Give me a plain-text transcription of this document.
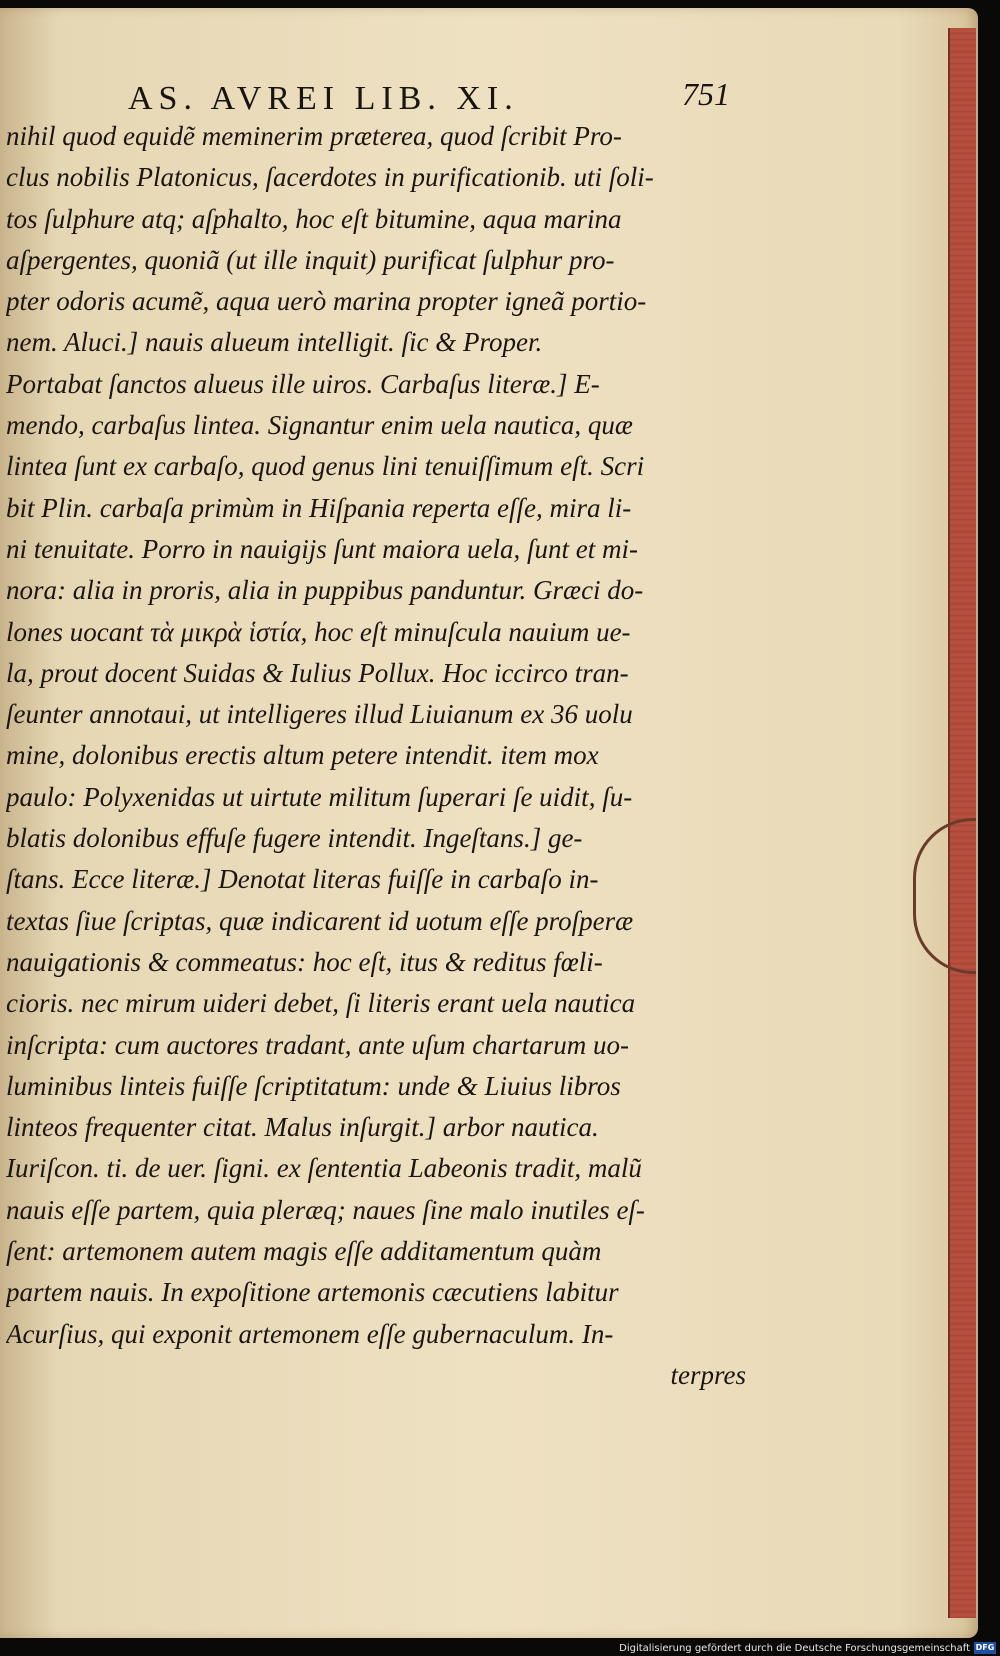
AS. AVREI LIB. XI.	751
nihil quod equidẽ meminerim præterea, quod ſcribit Pro-
clus nobilis Platonicus, ſacerdotes in purificationib. uti ſoli-
tos ſulphure atq; aſphalto, hoc eſt bitumine, aqua marina
aſpergentes, quoniã (ut ille inquit) purificat ſulphur pro-
pter odoris acumẽ, aqua uerò marina propter igneã portio-
nem. Aluci.] nauis alueum intelligit. ſic & Proper.
Portabat ſanctos alueus ille uiros. Carbaſus literæ.] E-
mendo, carbaſus lintea. Signantur enim uela nautica, quæ
lintea ſunt ex carbaſo, quod genus lini tenuiſſimum eſt. Scri
bit Plin. carbaſa primùm in Hiſpania reperta eſſe, mira li-
ni tenuitate. Porro in nauigijs ſunt maiora uela, ſunt et mi-
nora: alia in proris, alia in puppibus panduntur. Græci do-
lones uocant τὰ μικρὰ ἱστία, hoc eſt minuſcula nauium ue-
la, prout docent Suidas & Iulius Pollux. Hoc iccirco tran-
ſeunter annotaui, ut intelligeres illud Liuianum ex 36 uolu
mine, dolonibus erectis altum petere intendit. item mox
paulo: Polyxenidas ut uirtute militum ſuperari ſe uidit, ſu-
blatis dolonibus effuſe fugere intendit. Ingeſtans.] ge-
ſtans. Ecce literæ.] Denotat literas fuiſſe in carbaſo in-
textas ſiue ſcriptas, quæ indicarent id uotum eſſe proſperæ
nauigationis & commeatus: hoc eſt, itus & reditus fœli-
cioris. nec mirum uideri debet, ſi literis erant uela nautica
inſcripta: cum auctores tradant, ante uſum chartarum uo-
luminibus linteis fuiſſe ſcriptitatum: unde & Liuius libros
linteos frequenter citat. Malus inſurgit.] arbor nautica.
Iuriſcon. ti. de uer. ſigni. ex ſententia Labeonis tradit, malũ
nauis eſſe partem, quia pleræq; naues ſine malo inutiles eſ-
ſent: artemonem autem magis eſſe additamentum quàm
partem nauis. In expoſitione artemonis cæcutiens labitur
Acurſius, qui exponit artemonem eſſe gubernaculum. In-
terpres
Digitalisierung gefördert durch die Deutsche Forschungsgemeinschaft DFG
